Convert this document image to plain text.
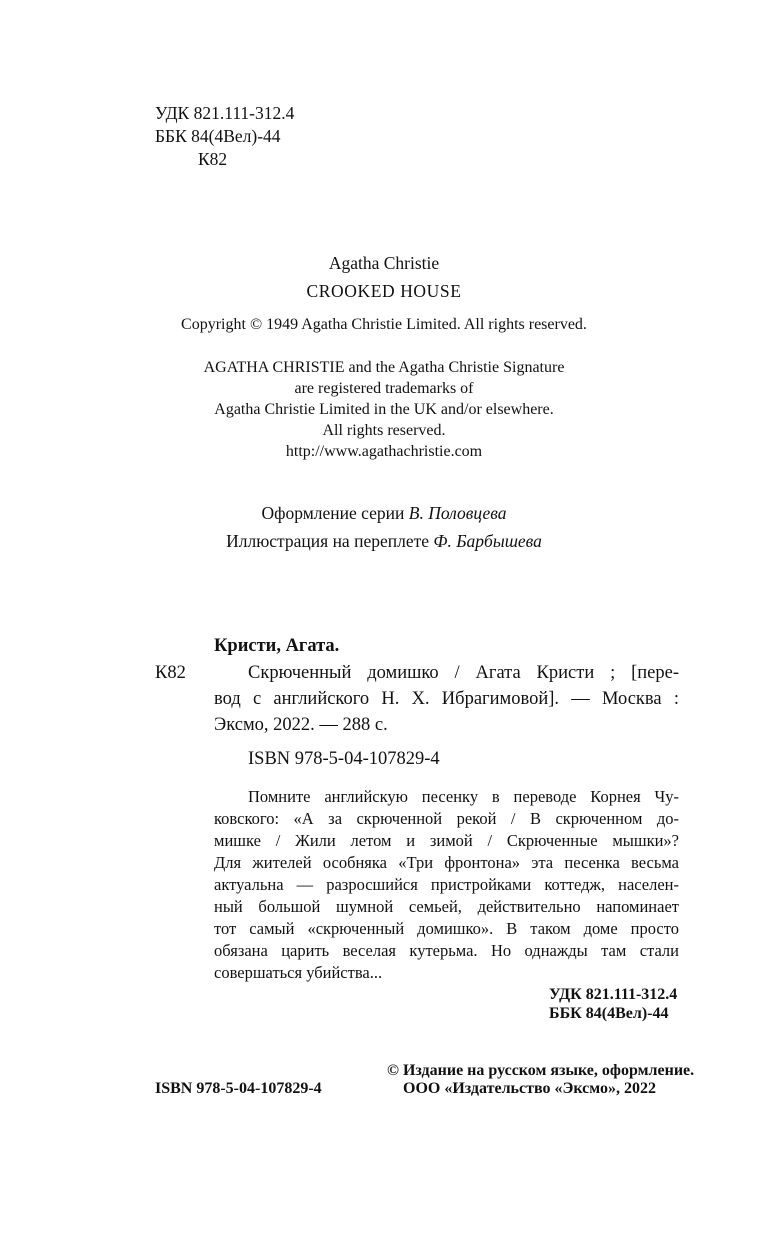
УДК 821.111-312.4
ББК 84(4Вел)-44
К82
Agatha Christie
CROOKED HOUSE
Copyright © 1949 Agatha Christie Limited. All rights reserved.
AGATHA CHRISTIE and the Agatha Christie Signature
are registered trademarks of
Agatha Christie Limited in the UK and/or elsewhere.
All rights reserved.
http://www.agathachristie.com
Оформление серии В. Половцева
Иллюстрация на переплете Ф. Барбышева
Кристи, Агата.
К82	Скрюченный домишко / Агата Кристи ; [пере-
вод с английского Н. Х. Ибрагимовой]. — Москва :
Эксмо, 2022. — 288 с.
ISBN 978-5-04-107829-4
Помните английскую песенку в переводе Корнея Чу-
ковского: «А за скрюченной рекой / В скрюченном до-
мишке / Жили летом и зимой / Скрюченные мышки»?
Для жителей особняка «Три фронтона» эта песенка весьма
актуальна — разросшийся пристройками коттедж, населен-
ный большой шумной семьей, действительно напоминает
тот самый «скрюченный домишко». В таком доме просто
обязана царить веселая кутерьма. Но однажды там стали
совершаться убийства...
УДК 821.111-312.4
ББК 84(4Вел)-44
ISBN 978-5-04-107829-4
© Издание на русском языке, оформление.
ООО «Издательство «Эксмо», 2022
